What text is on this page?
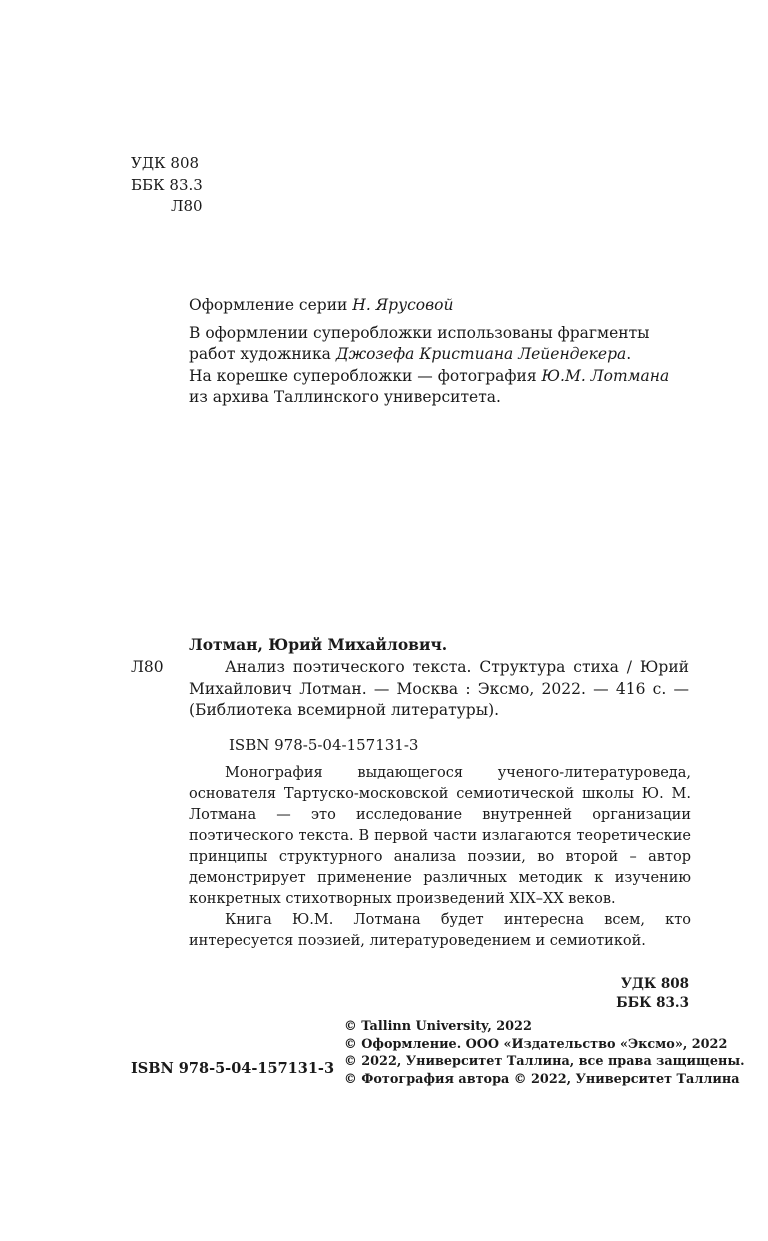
УДК 808
ББК 83.3
Л80

Оформление серии Н. Ярусовой

В оформлении суперобложки использованы фрагменты

работ художника Джозефа Кристиана Лейендекера.

На корешке суперобложки — фотография Ю.М. Лотмана

из архива Таллинского университета.

Лотман, Юрий Михайлович.
Л80	Анализ поэтического текста. Структура стиха / Юрий Михайлович Лотман. — Москва : Эксмо, 2022. — 416 с. — (Библиотека всемирной литературы).

ISBN 978-5-04-157131-3

Монография выдающегося ученого-литературоведа, основателя Тартуско-московской семиотической школы Ю. М. Лотмана — это исследование внутренней организации поэтического текста. В первой части излагаются теоретические принципы структурного анализа поэзии, во второй – автор демонстрирует применение различных методик к изучению конкретных стихотворных произведений XIX–XX веков.

Книга Ю.М. Лотмана будет интересна всем, кто интересуется поэзией, литературоведением и семиотикой.

УДК 808
ББК 83.3
© Tallinn University, 2022
© Оформление. ООО «Издательство «Эксмо», 2022
© 2022, Университет Таллина, все права защищены.
© Фотография автора © 2022, Университет Таллина
ISBN 978-5-04-157131-3
